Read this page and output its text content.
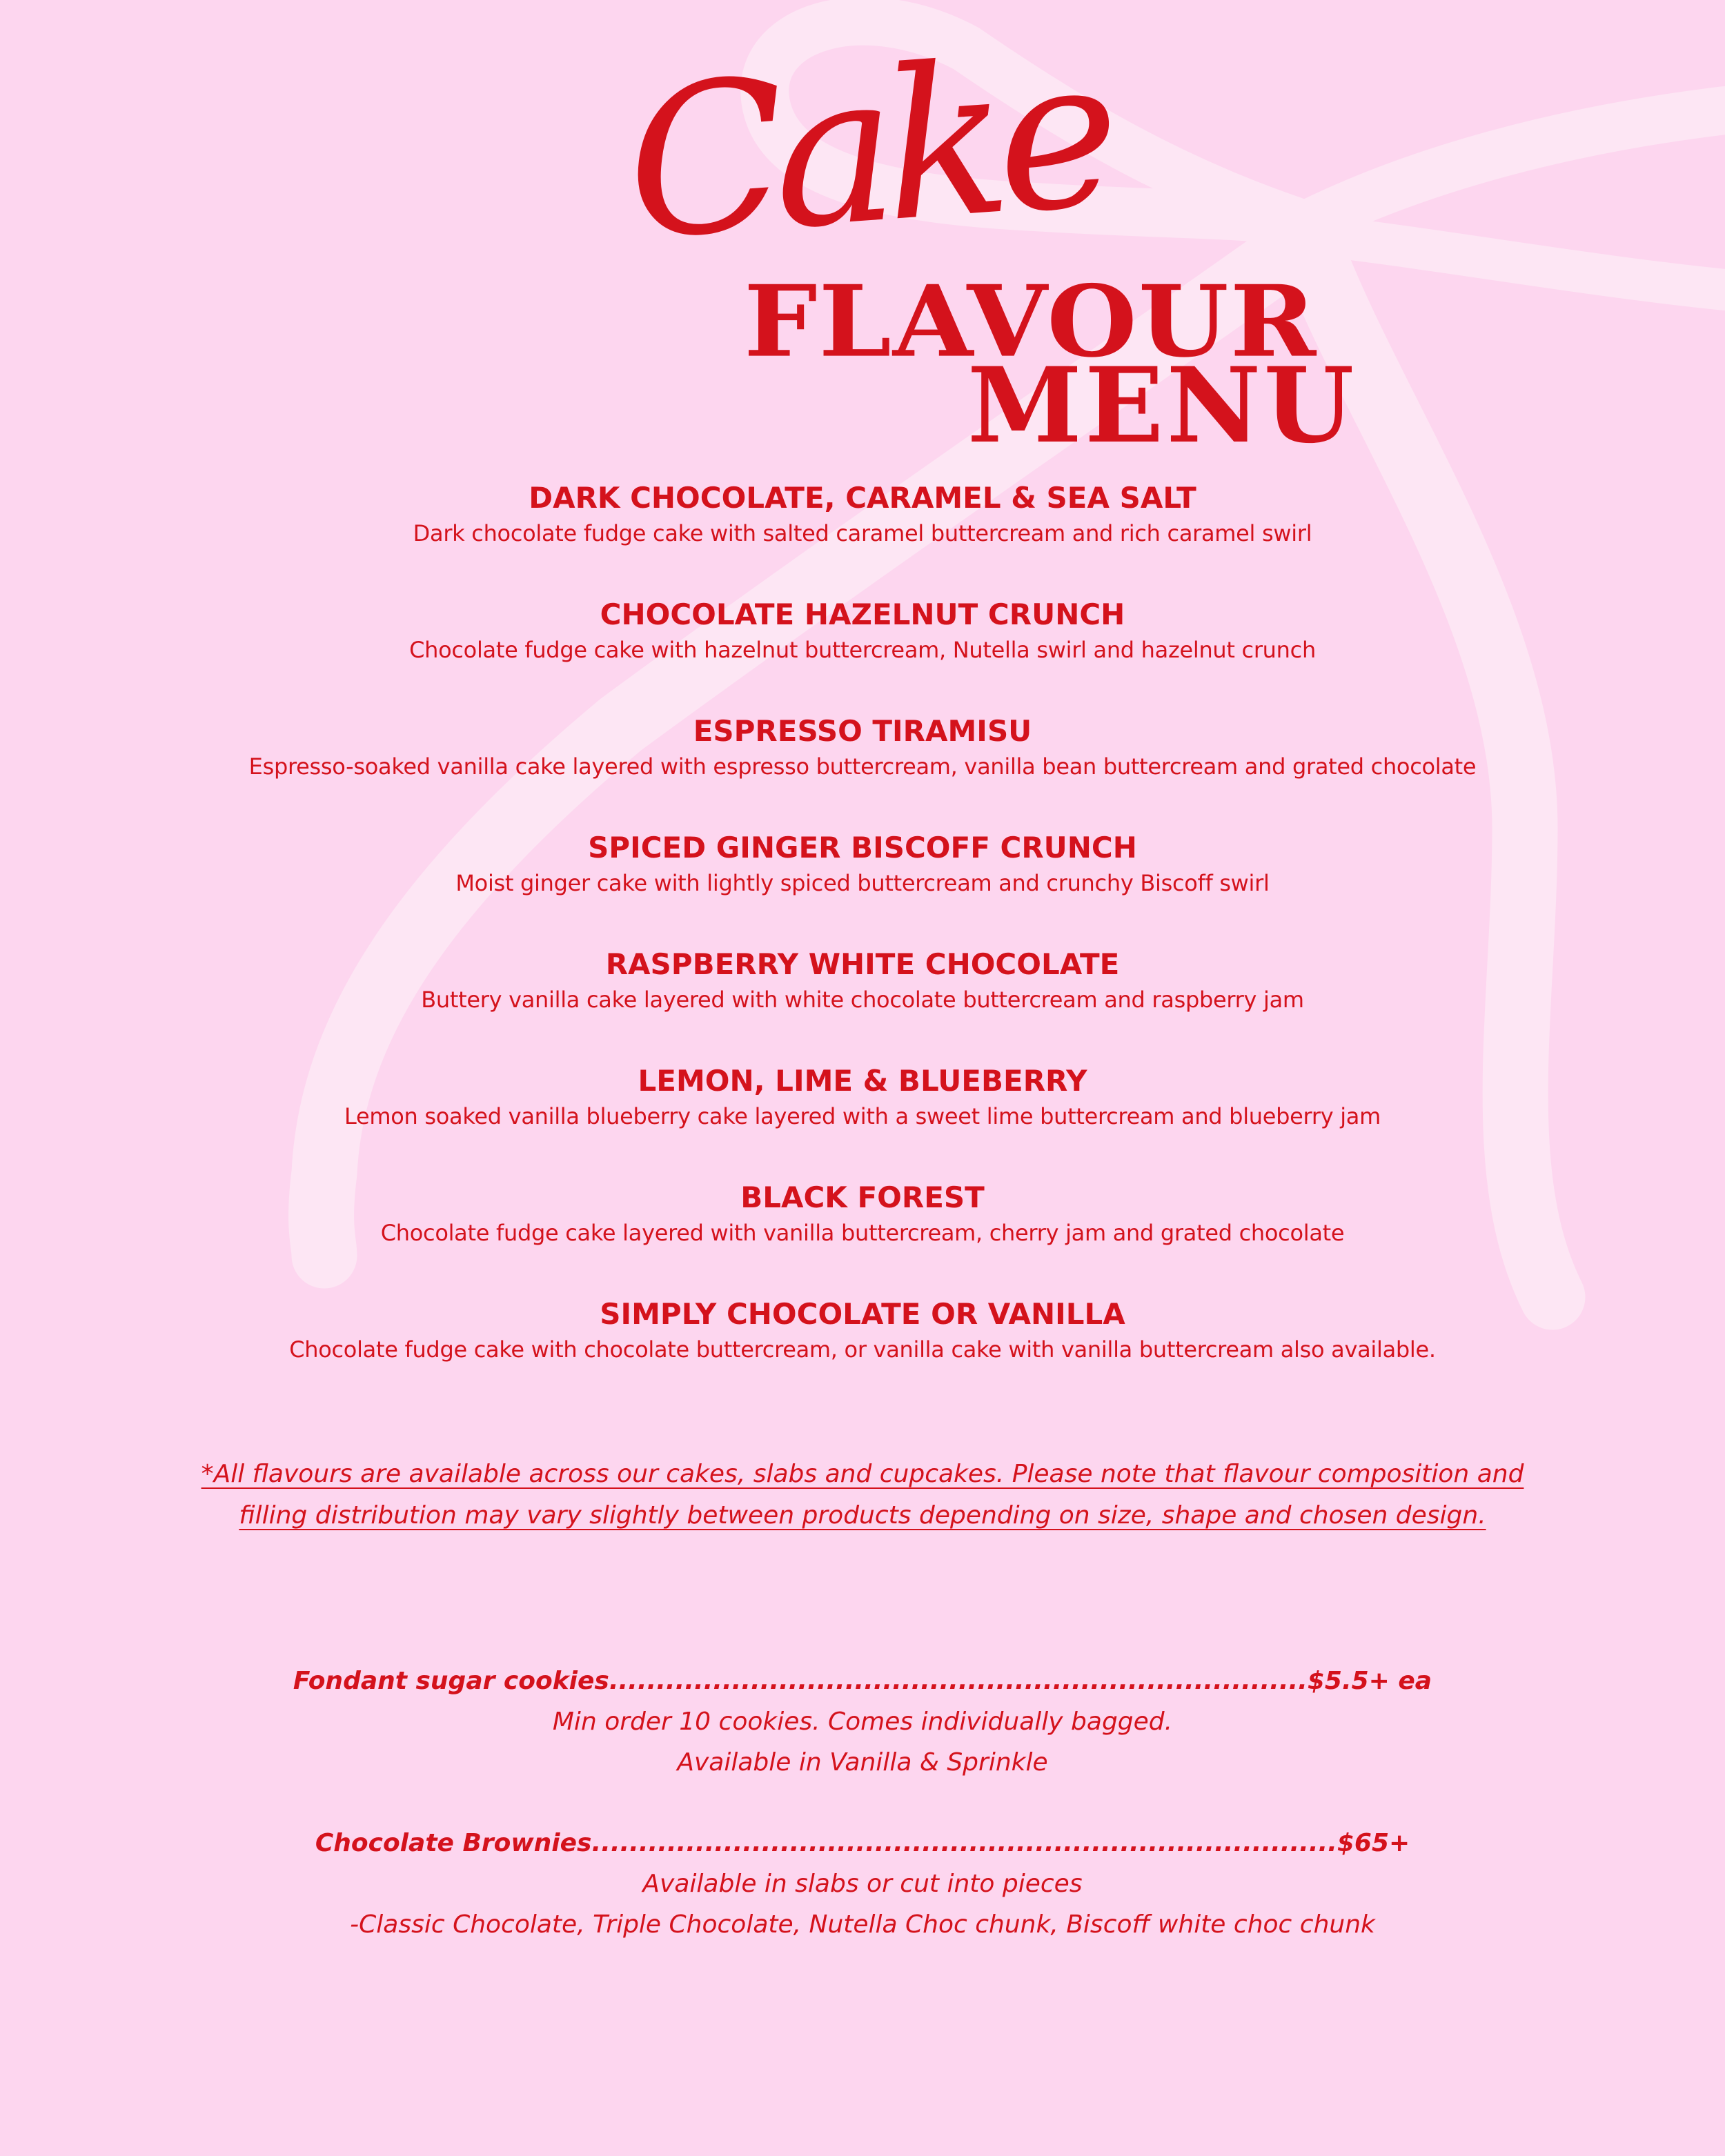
Cake
FLAVOUR
MENU
DARK CHOCOLATE, CARAMEL & SEA SALT
Dark chocolate fudge cake with salted caramel buttercream and rich caramel swirl
CHOCOLATE HAZELNUT CRUNCH
Chocolate fudge cake with hazelnut buttercream, Nutella swirl and hazelnut crunch
ESPRESSO TIRAMISU
Espresso-soaked vanilla cake layered with espresso buttercream, vanilla bean buttercream and grated chocolate
SPICED GINGER BISCOFF CRUNCH
Moist ginger cake with lightly spiced buttercream and crunchy Biscoff swirl
RASPBERRY WHITE CHOCOLATE
Buttery vanilla cake layered with white chocolate buttercream and raspberry jam
LEMON, LIME & BLUEBERRY
Lemon soaked vanilla blueberry cake layered with a sweet lime buttercream and blueberry jam
BLACK FOREST
Chocolate fudge cake layered with vanilla buttercream, cherry jam and grated chocolate
SIMPLY CHOCOLATE OR VANILLA
Chocolate fudge cake with chocolate buttercream, or vanilla cake with vanilla buttercream also available.
*All flavours are available across our cakes, slabs and cupcakes. Please note that flavour composition and
filling distribution may vary slightly between products depending on size, shape and chosen design.
Fondant sugar cookies..........................................................................$5.5+ ea
Min order 10 cookies. Comes individually bagged.
Available in Vanilla & Sprinkle
Chocolate Brownies...............................................................................$65+
Available in slabs or cut into pieces
-Classic Chocolate, Triple Chocolate, Nutella Choc chunk, Biscoff white choc chunk
